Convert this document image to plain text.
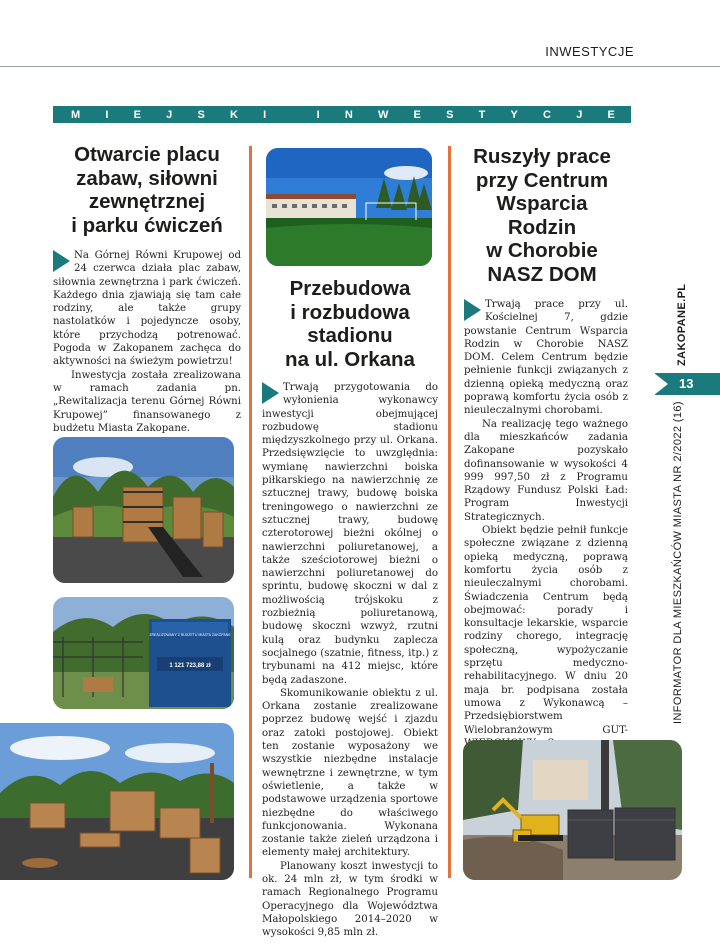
INWESTYCJE
M I E J S K I	I N W E S T Y C J E
Otwarcie placu
zabaw, siłowni
zewnętrznej
i parku ćwiczeń

Na Górnej Równi Krupowej od 24 czerwca działa plac zabaw, siłownia zewnętrzna i park ćwiczeń. Każdego dnia zjawiają się tam całe rodziny, ale także grupy nastolatków i pojedyncze osoby, które przychodzą potrenować. Pogoda w Zakopanem zachęca do aktywności na świeżym powietrzu!

Inwestycja została zrealizowana w ramach zadania pn. „Rewitalizacja terenu Górnej Równi Krupowej” finansowanego z budżetu Miasta Zakopane.

ZREALIZOWANY Z BUDŻETU MIASTA ZAKOPANE
1 121 723,88 zł
Przebudowa
i rozbudowa
stadionu
na ul. Orkana

Trwają przygotowania do wyłonienia wykonawcy inwestycji obejmującej rozbudowę stadionu międzyszkolnego przy ul. Orkana. Przedsięwzięcie to uwzględnia: wymianę nawierzchni boiska piłkarskiego na nawierzchnię ze sztucznej trawy, budowę boiska treningowego o nawierzchni ze sztucznej trawy, budowę czterotorowej bieżni okólnej o nawierzchni poliuretanowej, a także sześciotorowej bieżni o nawierzchni poliuretanowej do sprintu, budowę skoczni w dal z możliwością trójskoku z rozbieżnią poliuretanową, budowę skoczni wzwyż, rzutni kulą oraz budynku zaplecza socjalnego (szatnie, fitness, itp.) z trybunami na 412 miejsc, które będą zadaszone.

Skomunikowanie obiektu z ul. Orkana zostanie zrealizowane poprzez budowę wejść i zjazdu oraz zatoki postojowej. Obiekt ten zostanie wyposażony we wszystkie niezbędne instalacje wewnętrzne i zewnętrzne, w tym oświetlenie, a także w podstawowe urządzenia sportowe niezbędne do właściwego funkcjonowania. Wykonana zostanie także zieleń urządzona i elementy małej architektury.

Planowany koszt inwestycji to ok. 24 mln zł, w tym środki w ramach Regionalnego Programu Operacyjnego dla Województwa Małopolskiego 2014–2020 w wysokości 9,85 mln zł.

Ruszyły prace
przy Centrum
Wsparcia
Rodzin
w Chorobie
NASZ DOM

Trwają prace przy ul. Kościelnej 7, gdzie powstanie Centrum Wsparcia Rodzin w Chorobie NASZ DOM. Celem Centrum będzie pełnienie funkcji związanych z dzienną opieką medyczną oraz poprawą komfortu życia osób z nieuleczalnymi chorobami.

Na realizację tego ważnego dla mieszkańców zadania Zakopane pozyskało dofinansowanie w wysokości 4 999 997,50 zł z Programu Rządowy Fundusz Polski Ład: Program Inwestycji Strategicznych.

Obiekt będzie pełnił funkcje społeczne związane z dzienną opieką medyczną, poprawą komfortu życia osób z nieuleczalnymi chorobami. Świadczenia Centrum będą obejmować: porady i konsultacje lekarskie, wsparcie rodziny chorego, integrację społeczną, wypożyczanie sprzętu medyczno-rehabilitacyjnego. W dniu 20 maja br. podpisana została umowa z Wykonawcą – Przedsiębiorstwem Wielobranżowym GUT-

ZAKOPANE.PL
13
INFORMATOR DLA MIESZKAŃCÓW MIASTA NR 2/2022 (16)
